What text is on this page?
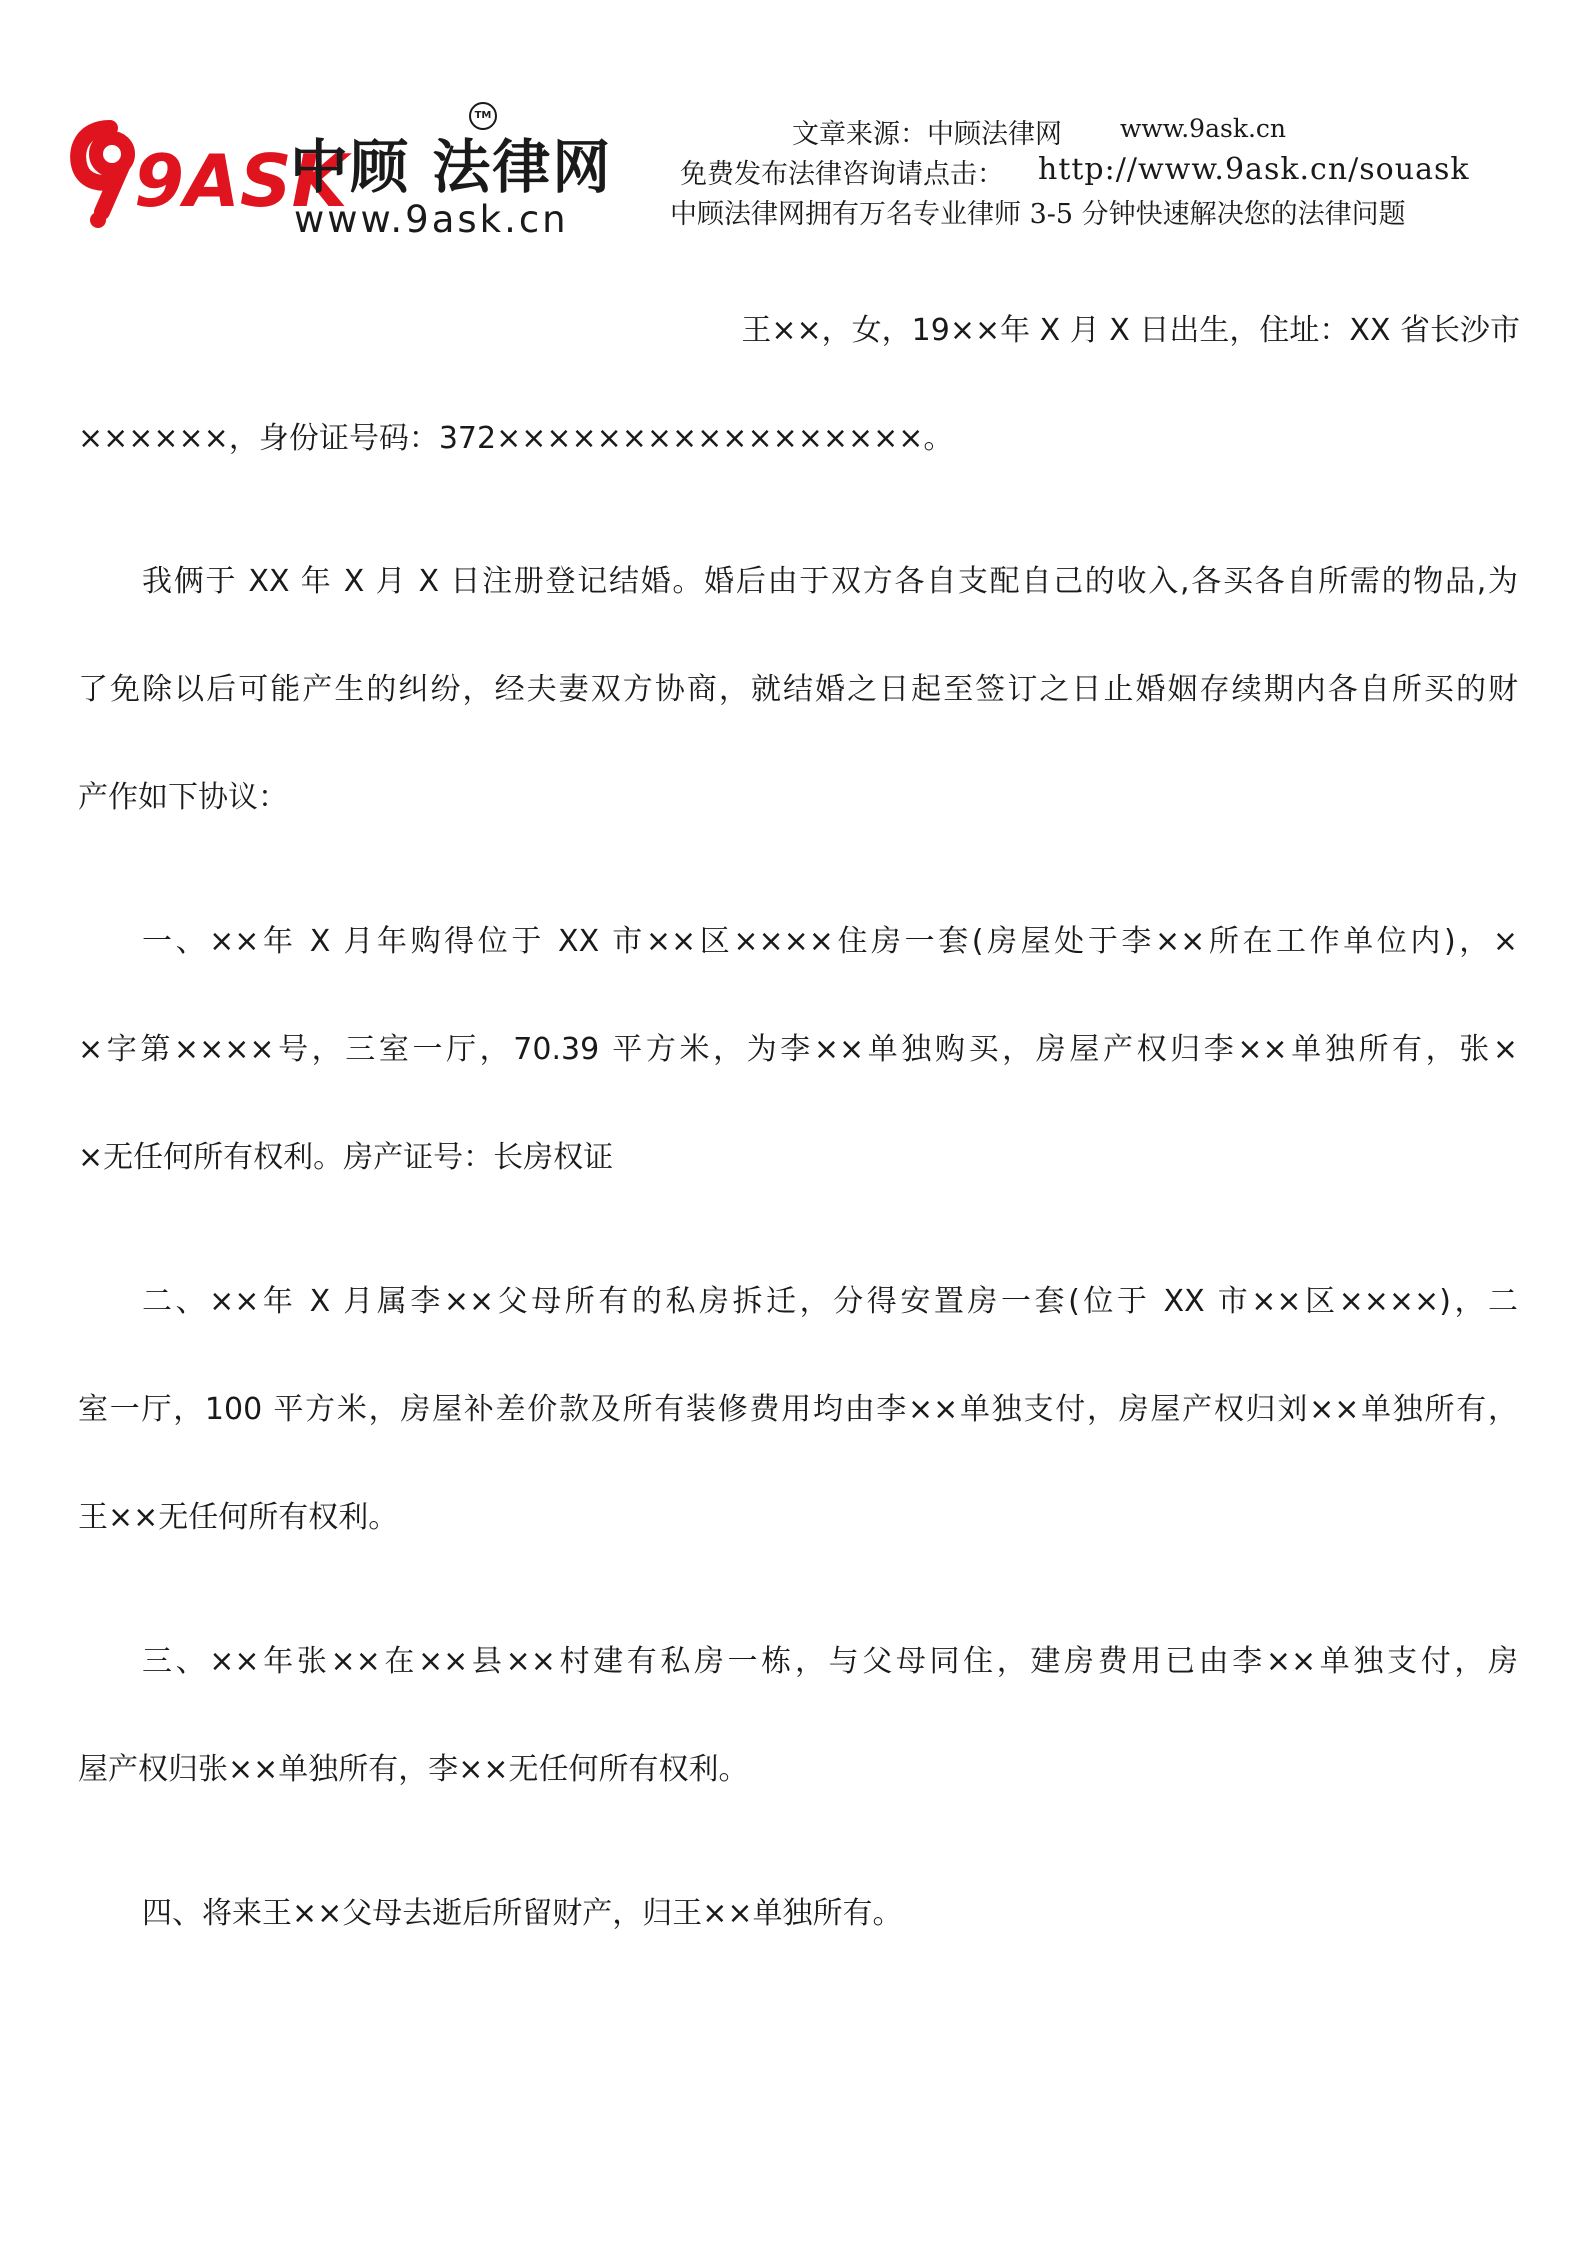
9ASK
中顾 法律网
TM
www.9ask.cn
文章来源：中顾法律网 www.9ask.cn
免费发布法律咨询请点击： http://www.9ask.cn/souask
中顾法律网拥有万名专业律师 3-5 分钟快速解决您的法律问题
王××，女，19××年 X 月 X 日出生，住址：XX 省长沙市
××××××，身份证号码：372×××××××××××××××××。
我俩于 XX 年 X 月 X 日注册登记结婚。婚后由于双方各自支配自己的收入,各买各自所需的物品,为
了免除以后可能产生的纠纷，经夫妻双方协商，就结婚之日起至签订之日止婚姻存续期内各自所买的财
产作如下协议：
一、××年 X 月年购得位于 XX 市××区××××住房一套(房屋处于李××所在工作单位内)，×
×字第××××号，三室一厅，70.39 平方米，为李××单独购买，房屋产权归李××单独所有，张×
×无任何所有权利。房产证号：长房权证
二、××年 X 月属李××父母所有的私房拆迁，分得安置房一套(位于 XX 市××区××××)，二
室一厅，100 平方米，房屋补差价款及所有装修费用均由李××单独支付，房屋产权归刘××单独所有，
王××无任何所有权利。
三、××年张××在××县××村建有私房一栋，与父母同住，建房费用已由李××单独支付，房
屋产权归张××单独所有，李××无任何所有权利。
四、将来王××父母去逝后所留财产，归王××单独所有。
